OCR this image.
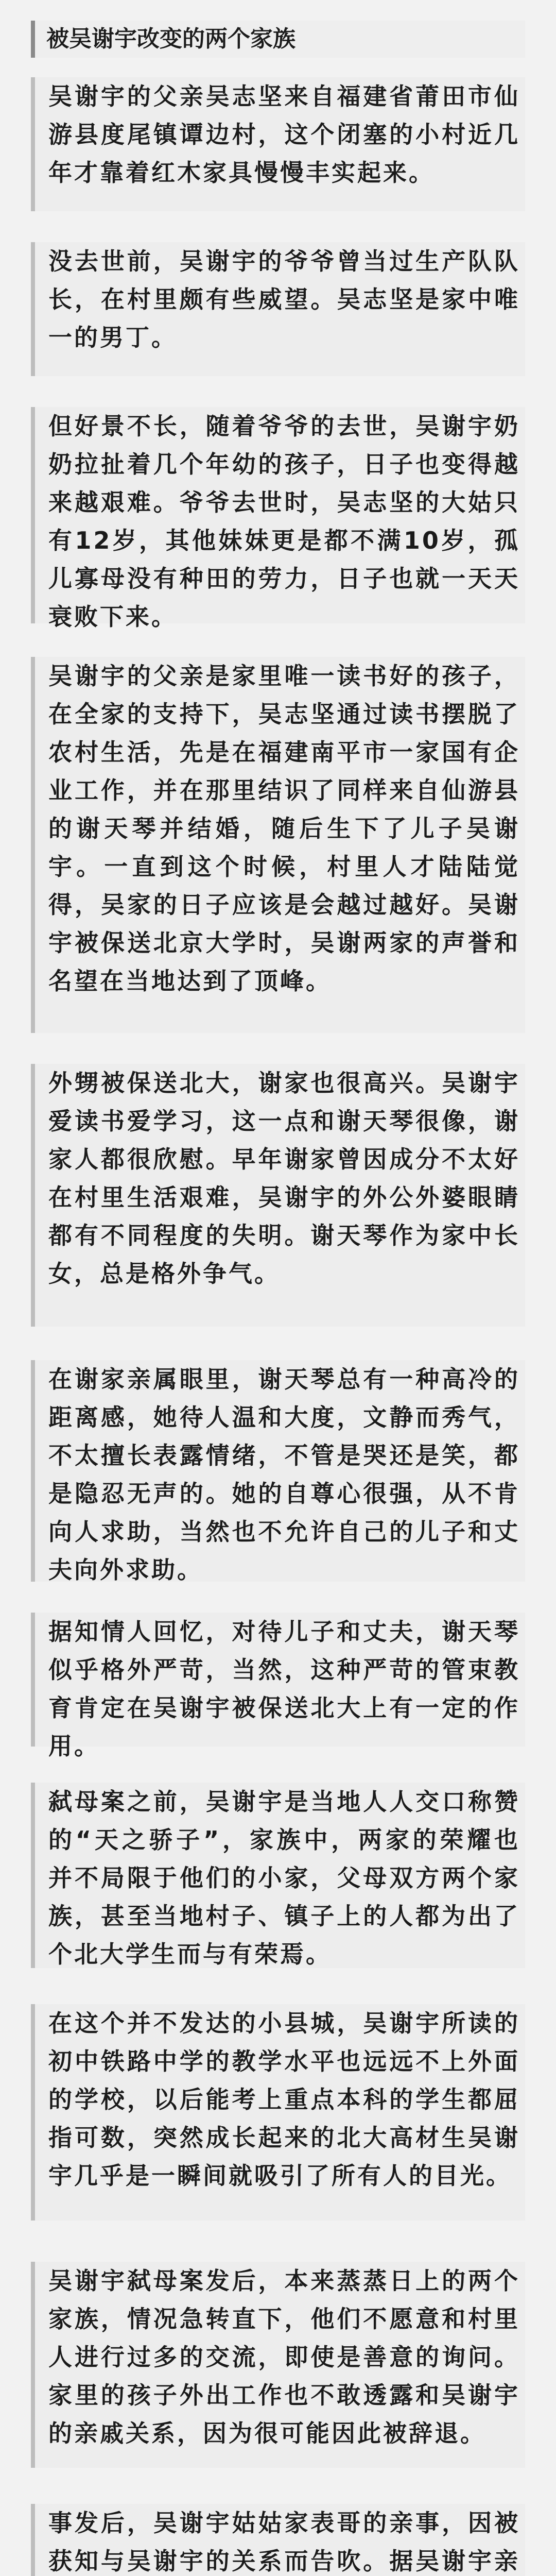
被吴谢宇改变的两个家族
吴谢宇的父亲吴志坚来自福建省莆田市仙游县度尾镇谭边村，这个闭塞的小村近几年才靠着红木家具慢慢丰实起来。
没去世前，吴谢宇的爷爷曾当过生产队队长，在村里颇有些威望。吴志坚是家中唯一的男丁。
但好景不长，随着爷爷的去世，吴谢宇奶奶拉扯着几个年幼的孩子，日子也变得越来越艰难。爷爷去世时，吴志坚的大姑只有12岁，其他妹妹更是都不满10岁，孤儿寡母没有种田的劳力，日子也就一天天衰败下来。
吴谢宇的父亲是家里唯一读书好的孩子，在全家的支持下，吴志坚通过读书摆脱了农村生活，先是在福建南平市一家国有企业工作，并在那里结识了同样来自仙游县的谢天琴并结婚，随后生下了儿子吴谢宇。一直到这个时候，村里人才陆陆觉得，吴家的日子应该是会越过越好。吴谢宇被保送北京大学时，吴谢两家的声誉和名望在当地达到了顶峰。
外甥被保送北大，谢家也很高兴。吴谢宇爱读书爱学习，这一点和谢天琴很像，谢家人都很欣慰。早年谢家曾因成分不太好在村里生活艰难，吴谢宇的外公外婆眼睛都有不同程度的失明。谢天琴作为家中长女，总是格外争气。
在谢家亲属眼里，谢天琴总有一种高冷的距离感，她待人温和大度，文静而秀气，不太擅长表露情绪，不管是哭还是笑，都是隐忍无声的。她的自尊心很强，从不肯向人求助，当然也不允许自己的儿子和丈夫向外求助。
据知情人回忆，对待儿子和丈夫，谢天琴似乎格外严苛，当然，这种严苛的管束教育肯定在吴谢宇被保送北大上有一定的作用。
弑母案之前，吴谢宇是当地人人交口称赞的“天之骄子”，家族中，两家的荣耀也并不局限于他们的小家，父母双方两个家族，甚至当地村子、镇子上的人都为出了个北大学生而与有荣焉。
在这个并不发达的小县城，吴谢宇所读的初中铁路中学的教学水平也远远不上外面的学校，以后能考上重点本科的学生都屈指可数，突然成长起来的北大高材生吴谢宇几乎是一瞬间就吸引了所有人的目光。
吴谢宇弑母案发后，本来蒸蒸日上的两个家族，情况急转直下，他们不愿意和村里人进行过多的交流，即使是善意的询问。家里的孩子外出工作也不敢透露和吴谢宇的亲戚关系，因为很可能因此被辞退。
事发后，吴谢宇姑姑家表哥的亲事，因被获知与吴谢宇的关系而告吹。据吴谢宇亲
